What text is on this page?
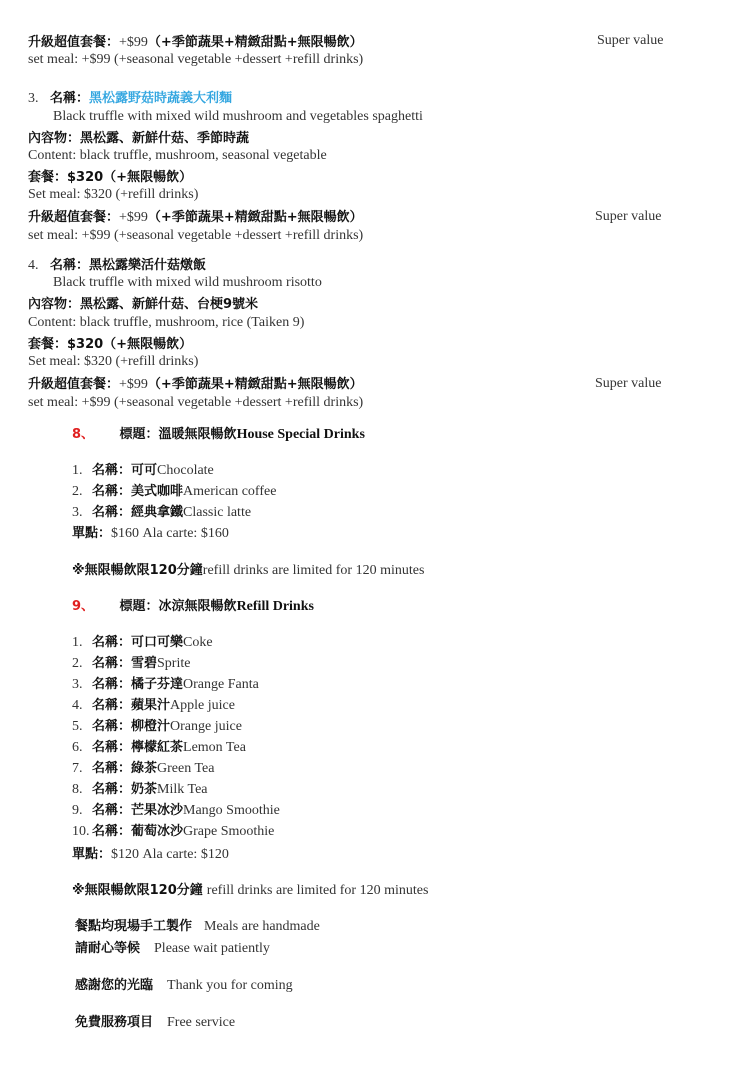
升級超值套餐：+$99（+季節蔬果+精緻甜點+無限暢飲）	Super value
set meal: +$99 (+seasonal vegetable +dessert +refill drinks)
3. 名稱：黑松露野菇時蔬義大利麵
Black truffle with mixed wild mushroom and vegetables spaghetti
內容物：黑松露、新鮮什菇、季節時蔬
Content: black truffle, mushroom, seasonal vegetable
套餐：$320（+無限暢飲）
Set meal: $320 (+refill drinks)
升級超值套餐：+$99（+季節蔬果+精緻甜點+無限暢飲）	Super value
set meal: +$99 (+seasonal vegetable +dessert +refill drinks)
4. 名稱：黑松露樂活什菇燉飯
Black truffle with mixed wild mushroom risotto
內容物：黑松露、新鮮什菇、台梗9號米
Content: black truffle, mushroom, rice (Taiken 9)
套餐：$320（+無限暢飲）
Set meal: $320 (+refill drinks)
升級超值套餐：+$99（+季節蔬果+精緻甜點+無限暢飲）	Super value
set meal: +$99 (+seasonal vegetable +dessert +refill drinks)
8、 標題：溫暖無限暢飲House Special Drinks
1. 名稱：可可Chocolate
2. 名稱：美式咖啡American coffee
3. 名稱：經典拿鐵Classic latte
單點：$160 Ala carte: $160
※無限暢飲限120分鐘refill drinks are limited for 120 minutes
9、 標題：冰涼無限暢飲Refill Drinks
1. 名稱：可口可樂Coke
2. 名稱：雪碧Sprite
3. 名稱：橘子芬達Orange Fanta
4. 名稱：蘋果汁Apple juice
5. 名稱：柳橙汁Orange juice
6. 名稱：檸檬紅茶Lemon Tea
7. 名稱：綠茶Green Tea
8. 名稱：奶茶Milk Tea
9. 名稱：芒果冰沙Mango Smoothie
10. 名稱：葡萄冰沙Grape Smoothie
單點：$120 Ala carte: $120
※無限暢飲限120分鐘 refill drinks are limited for 120 minutes
餐點均現場手工製作 Meals are handmade
請耐心等候 Please wait patiently
感謝您的光臨 Thank you for coming
免費服務項目 Free service
